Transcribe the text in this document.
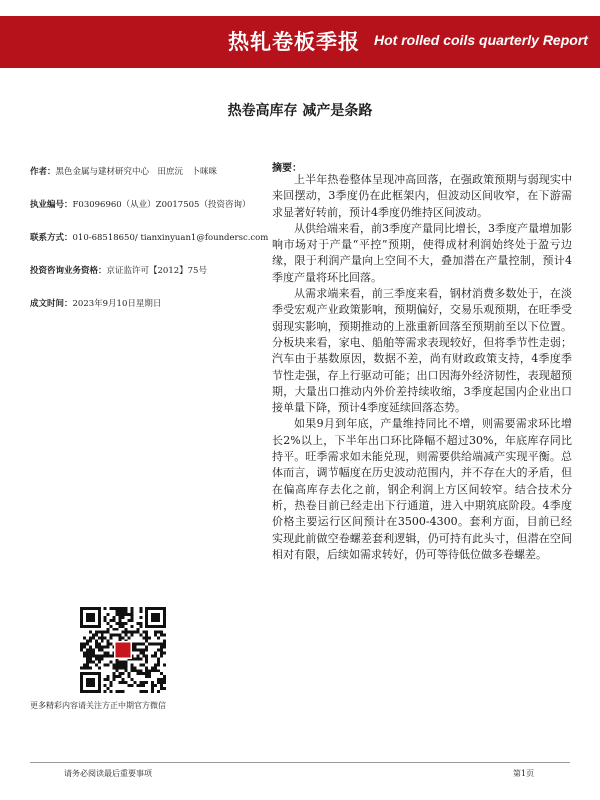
热轧卷板季报 Hot rolled coils quarterly Report
热卷高库存 减产是条路
作者：黑色金属与建材研究中心　田庶沅　卜咪咪
执业编号：F03096960（从业）Z0017505（投资咨询）
联系方式：010-68518650/ tianxinyuan1@foundersc.com
投资咨询业务资格：京证监许可【2012】75号
成文时间：2023年9月10日星期日
摘要：

上半年热卷整体呈现冲高回落，在强政策预期与弱现实中来回摆动，3季度仍在此框架内，但波动区间收窄，在下游需求显著好转前，预计4季度仍维持区间波动。

从供给端来看，前3季度产量同比增长，3季度产量增加影响市场对于产量“平控”预期，使得成材利润始终处于盈亏边缘，限于利润产量向上空间不大，叠加潜在产量控制，预计4季度产量将环比回落。

从需求端来看，前三季度来看，钢材消费多数处于，在淡季受宏观产业政策影响，预期偏好，交易乐观预期，在旺季受弱现实影响，预期推动的上涨重新回落至预期前至以下位置。分板块来看，家电、船舶等需求表现较好，但将季节性走弱；汽车由于基数原因，数据不差，尚有财政政策支持，4季度季节性走强，存上行驱动可能；出口因海外经济韧性，表现超预期，大量出口推动内外价差持续收缩，3季度起国内企业出口接单量下降，预计4季度延续回落态势。

如果9月到年底，产量维持同比不增，则需要需求环比增长2%以上，下半年出口环比降幅不超过30%，年底库存同比持平。旺季需求如未能兑现，则需要供给端减产实现平衡。总体而言，调节幅度在历史波动范围内，并不存在大的矛盾，但在偏高库存去化之前，钢企利润上方区间较窄。结合技术分析，热卷目前已经走出下行通道，进入中期筑底阶段。4季度价格主要运行区间预计在3500-4300。套利方面，目前已经实现此前做空卷螺差套利逻辑，仍可持有此头寸，但潜在空间相对有限，后续如需求转好，仍可等待低位做多卷螺差。

更多精彩内容请关注方正中期官方微信
请务必阅读最后重要事项	第1页
